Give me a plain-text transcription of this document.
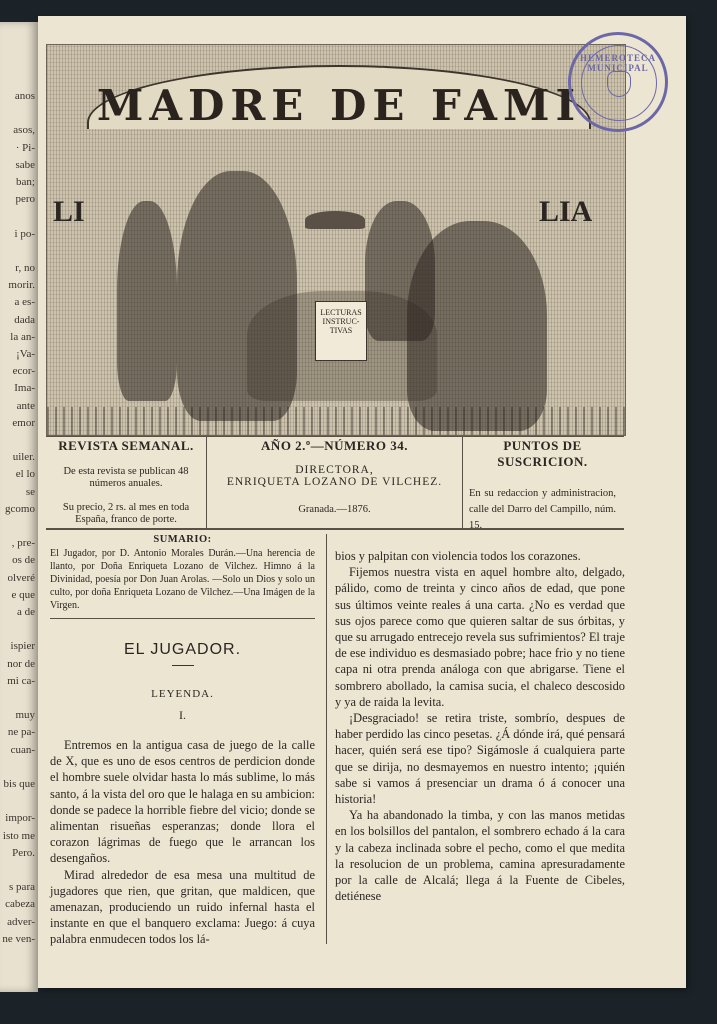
anos
asos,
· Pi-
sabe
ban;
pero
i po-
r, no
morir.
a es-
dada
la an-
¡Va-
ecor-
Ima-
ante
emor
uiler.
el lo
se
gcomo
, pre-
os de
olveré
e que
a de
ispier
nor de
mi ca-
muy
ne pa-
cuan-
bis que
impor-
isto me
Pero.
s para
cabeza
adver-
ne ven-
MADRE DE FAMI
LI	LIA
LECTURAS INSTRUC-TIVAS
HEMEROTECA MUNICIPAL
REVISTA SEMANAL.
De esta revista se publican 48 números anuales.
Su precio, 2 rs. al mes en toda España, franco de porte.
AÑO 2.º—NÚMERO 34.
DIRECTORA,
ENRIQUETA LOZANO DE VILCHEZ.
Granada.—1876.
PUNTOS DE SUSCRICION.
En su redaccion y administracion, calle del Darro del Campillo, núm. 15.
SUMARIO:

El Jugador, por D. Antonio Morales Durán.—Una herencia de llanto, por Doña Enriqueta Lozano de Vilchez. Himno á la Divinidad, poesía por Don Juan Arolas. —Solo un Dios y solo un culto, por doña Enriqueta Lozano de Vilchez.—Una Imágen de la Virgen.

EL JUGADOR.
LEYENDA.
I.

Entremos en la antigua casa de juego de la calle de X, que es uno de esos centros de perdicion donde el hombre suele olvidar hasta lo más sublime, lo más santo, á la vista del oro que le halaga en su ambicion: donde se padece la horrible fiebre del vicio; donde se alimentan risueñas esperanzas; donde llora el corazon lágrimas de fuego que le arrancan los desengaños.

Mirad alrededor de esa mesa una multitud de jugadores que rien, que gritan, que maldicen, que amenazan, produciendo un ruido infernal hasta el instante en que el banquero exclama: Juego: á cuya palabra enmudecen todos los lá-

bios y palpitan con violencia todos los corazones.

Fijemos nuestra vista en aquel hombre alto, delgado, pálido, como de treinta y cinco años de edad, que pone sus últimos veinte reales á una carta. ¿No es verdad que sus ojos parece como que quieren saltar de sus órbitas, y que su arrugado entrecejo revela sus sufrimientos? El traje de ese individuo es desmasiado pobre; hace frio y no tiene capa ni otra prenda análoga con que abrigarse. Tiene el sombrero abollado, la camisa sucia, el chaleco descosido y ya de raida la levita.

¡Desgraciado! se retira triste, sombrío, despues de haber perdido las cinco pesetas. ¿Á dónde irá, qué pensará hacer, quién será ese tipo? Sigámosle á cualquiera parte que se dirija, no desmayemos en nuestro intento; ¡quién sabe si vamos á presenciar un drama ó á conocer una historia!

Ya ha abandonado la timba, y con las manos metidas en los bolsillos del pantalon, el sombrero echado á la cara y la cabeza inclinada sobre el pecho, como el que medita la resolucion de un problema, camina apresuradamente por la calle de Alcalá; llega á la Fuente de Cibeles, detiénese
